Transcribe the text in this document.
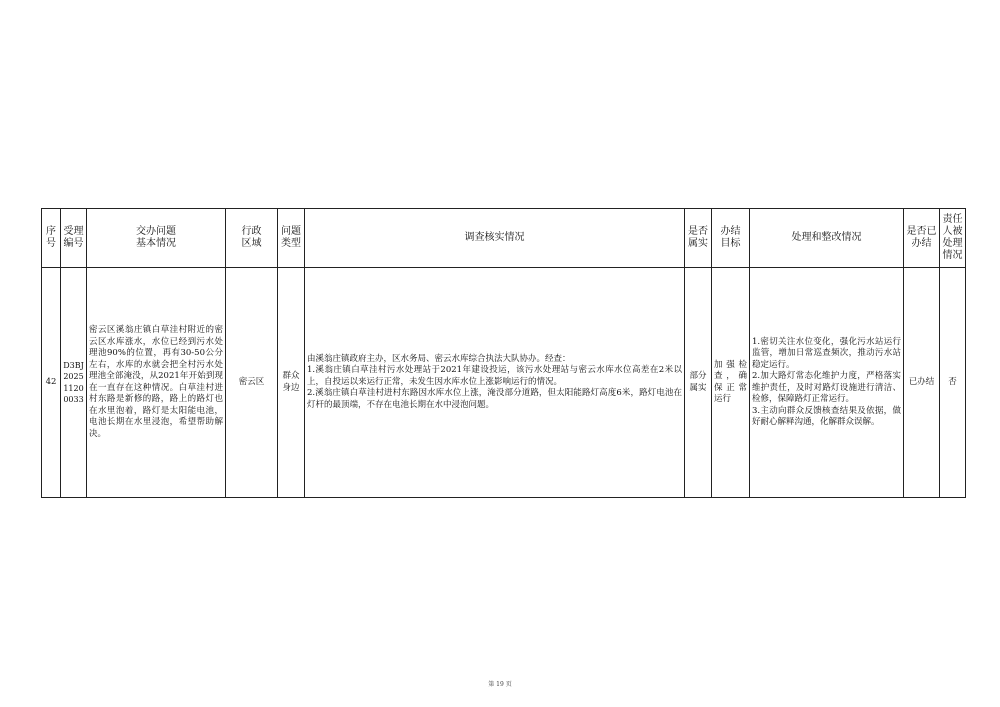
序号	受理编号	交办问题基本情况	行政区域	问题类型	调查核实情况	是否属实	办结目标	处理和整改情况	是否已办结	责任人被处理情况
42	D3BJ20251120 0033	密云区溪翁庄镇白草洼村附近的密云区水库涨水，水位已经到污水处理池90%的位置，再有30-50公分左右，水库的水就会把全村污水处理池全部淹没，从2021年开始到现在一直存在这种情况。白草洼村进村东路是新修的路，路上的路灯也在水里泡着，路灯是太阳能电池，电池长期在水里浸泡，希望帮助解决。	密云区	群众身边	由溪翁庄镇政府主办，区水务局、密云水库综合执法大队协办。经查：
1.溪翁庄镇白草洼村污水处理站于2021年建设投运，该污水处理站与密云水库水位高差在2米以上，自投运以来运行正常，未发生因水库水位上涨影响运行的情况。
2.溪翁庄镇白草洼村进村东路因水库水位上涨，淹没部分道路，但太阳能路灯高度6米，路灯电池在灯杆的最顶端，不存在电池长期在水中浸泡问题。	部分属实	加强检查，确保正常运行	1.密切关注水位变化，强化污水站运行监管，增加日常巡查频次，推动污水站稳定运行。
2.加大路灯常态化维护力度，严格落实维护责任，及时对路灯设施进行清洁、检修，保障路灯正常运行。
3.主动向群众反馈核查结果及依据，做好耐心解释沟通，化解群众误解。	已办结	否
第 19 页
